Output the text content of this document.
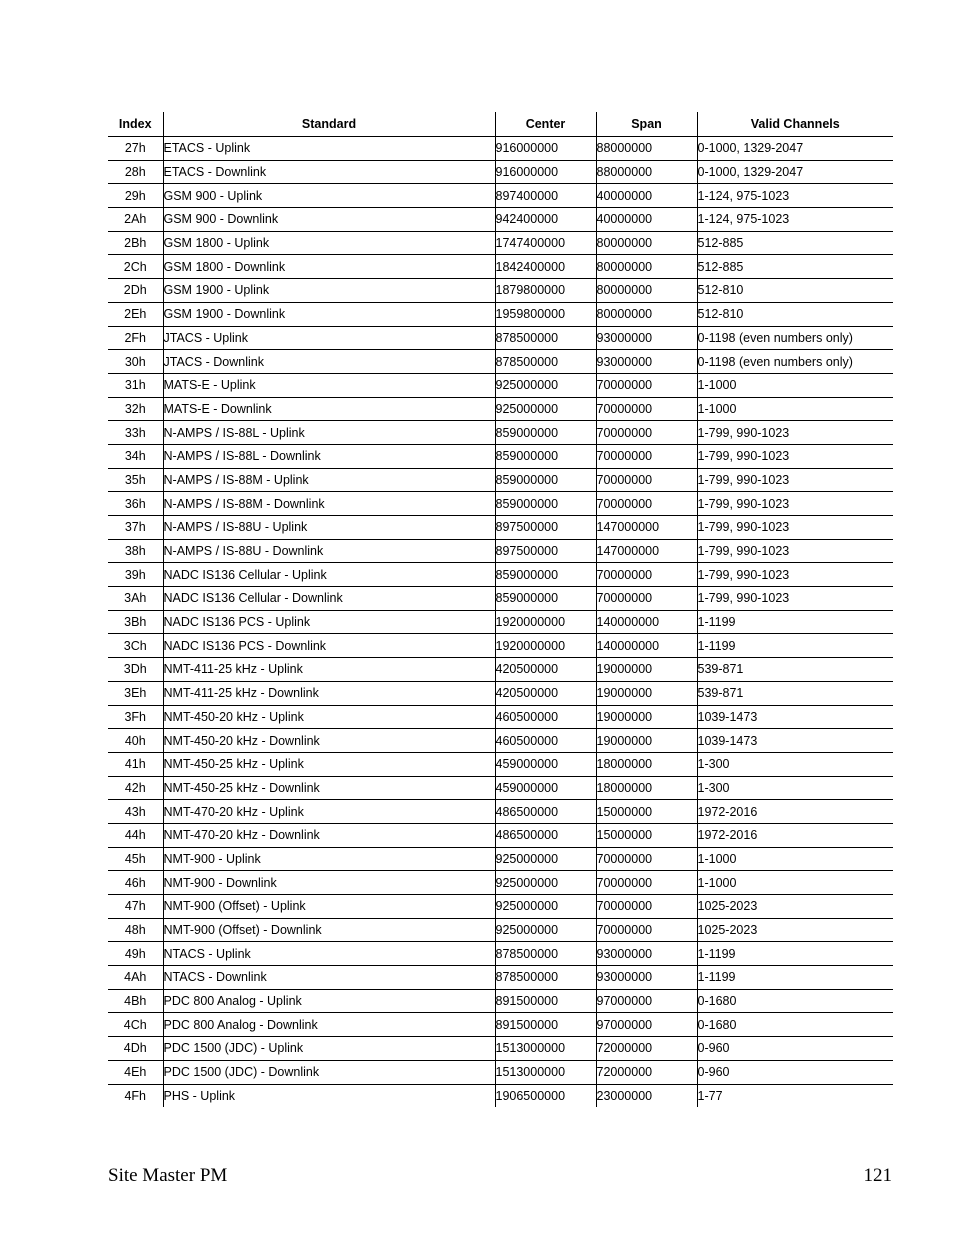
Index	Standard	Center	Span	Valid Channels
27h	ETACS - Uplink	916000000	88000000	0-1000, 1329-2047
28h	ETACS - Downlink	916000000	88000000	0-1000, 1329-2047
29h	GSM 900 - Uplink	897400000	40000000	1-124, 975-1023
2Ah	GSM 900 - Downlink	942400000	40000000	1-124, 975-1023
2Bh	GSM 1800 - Uplink	1747400000	80000000	512-885
2Ch	GSM 1800 - Downlink	1842400000	80000000	512-885
2Dh	GSM 1900 - Uplink	1879800000	80000000	512-810
2Eh	GSM 1900 - Downlink	1959800000	80000000	512-810
2Fh	JTACS - Uplink	878500000	93000000	0-1198 (even numbers only)
30h	JTACS - Downlink	878500000	93000000	0-1198 (even numbers only)
31h	MATS-E - Uplink	925000000	70000000	1-1000
32h	MATS-E - Downlink	925000000	70000000	1-1000
33h	N-AMPS / IS-88L - Uplink	859000000	70000000	1-799, 990-1023
34h	N-AMPS / IS-88L - Downlink	859000000	70000000	1-799, 990-1023
35h	N-AMPS / IS-88M - Uplink	859000000	70000000	1-799, 990-1023
36h	N-AMPS / IS-88M - Downlink	859000000	70000000	1-799, 990-1023
37h	N-AMPS / IS-88U - Uplink	897500000	147000000	1-799, 990-1023
38h	N-AMPS / IS-88U - Downlink	897500000	147000000	1-799, 990-1023
39h	NADC IS136 Cellular - Uplink	859000000	70000000	1-799, 990-1023
3Ah	NADC IS136 Cellular - Downlink	859000000	70000000	1-799, 990-1023
3Bh	NADC IS136 PCS - Uplink	1920000000	140000000	1-1199
3Ch	NADC IS136 PCS - Downlink	1920000000	140000000	1-1199
3Dh	NMT-411-25 kHz - Uplink	420500000	19000000	539-871
3Eh	NMT-411-25 kHz - Downlink	420500000	19000000	539-871
3Fh	NMT-450-20 kHz - Uplink	460500000	19000000	1039-1473
40h	NMT-450-20 kHz - Downlink	460500000	19000000	1039-1473
41h	NMT-450-25 kHz - Uplink	459000000	18000000	1-300
42h	NMT-450-25 kHz - Downlink	459000000	18000000	1-300
43h	NMT-470-20 kHz - Uplink	486500000	15000000	1972-2016
44h	NMT-470-20 kHz - Downlink	486500000	15000000	1972-2016
45h	NMT-900 - Uplink	925000000	70000000	1-1000
46h	NMT-900 - Downlink	925000000	70000000	1-1000
47h	NMT-900 (Offset) - Uplink	925000000	70000000	1025-2023
48h	NMT-900 (Offset) - Downlink	925000000	70000000	1025-2023
49h	NTACS - Uplink	878500000	93000000	1-1199
4Ah	NTACS - Downlink	878500000	93000000	1-1199
4Bh	PDC 800 Analog - Uplink	891500000	97000000	0-1680
4Ch	PDC 800 Analog - Downlink	891500000	97000000	0-1680
4Dh	PDC 1500 (JDC) - Uplink	1513000000	72000000	0-960
4Eh	PDC 1500 (JDC) - Downlink	1513000000	72000000	0-960
4Fh	PHS - Uplink	1906500000	23000000	1-77
Site Master PM	121
